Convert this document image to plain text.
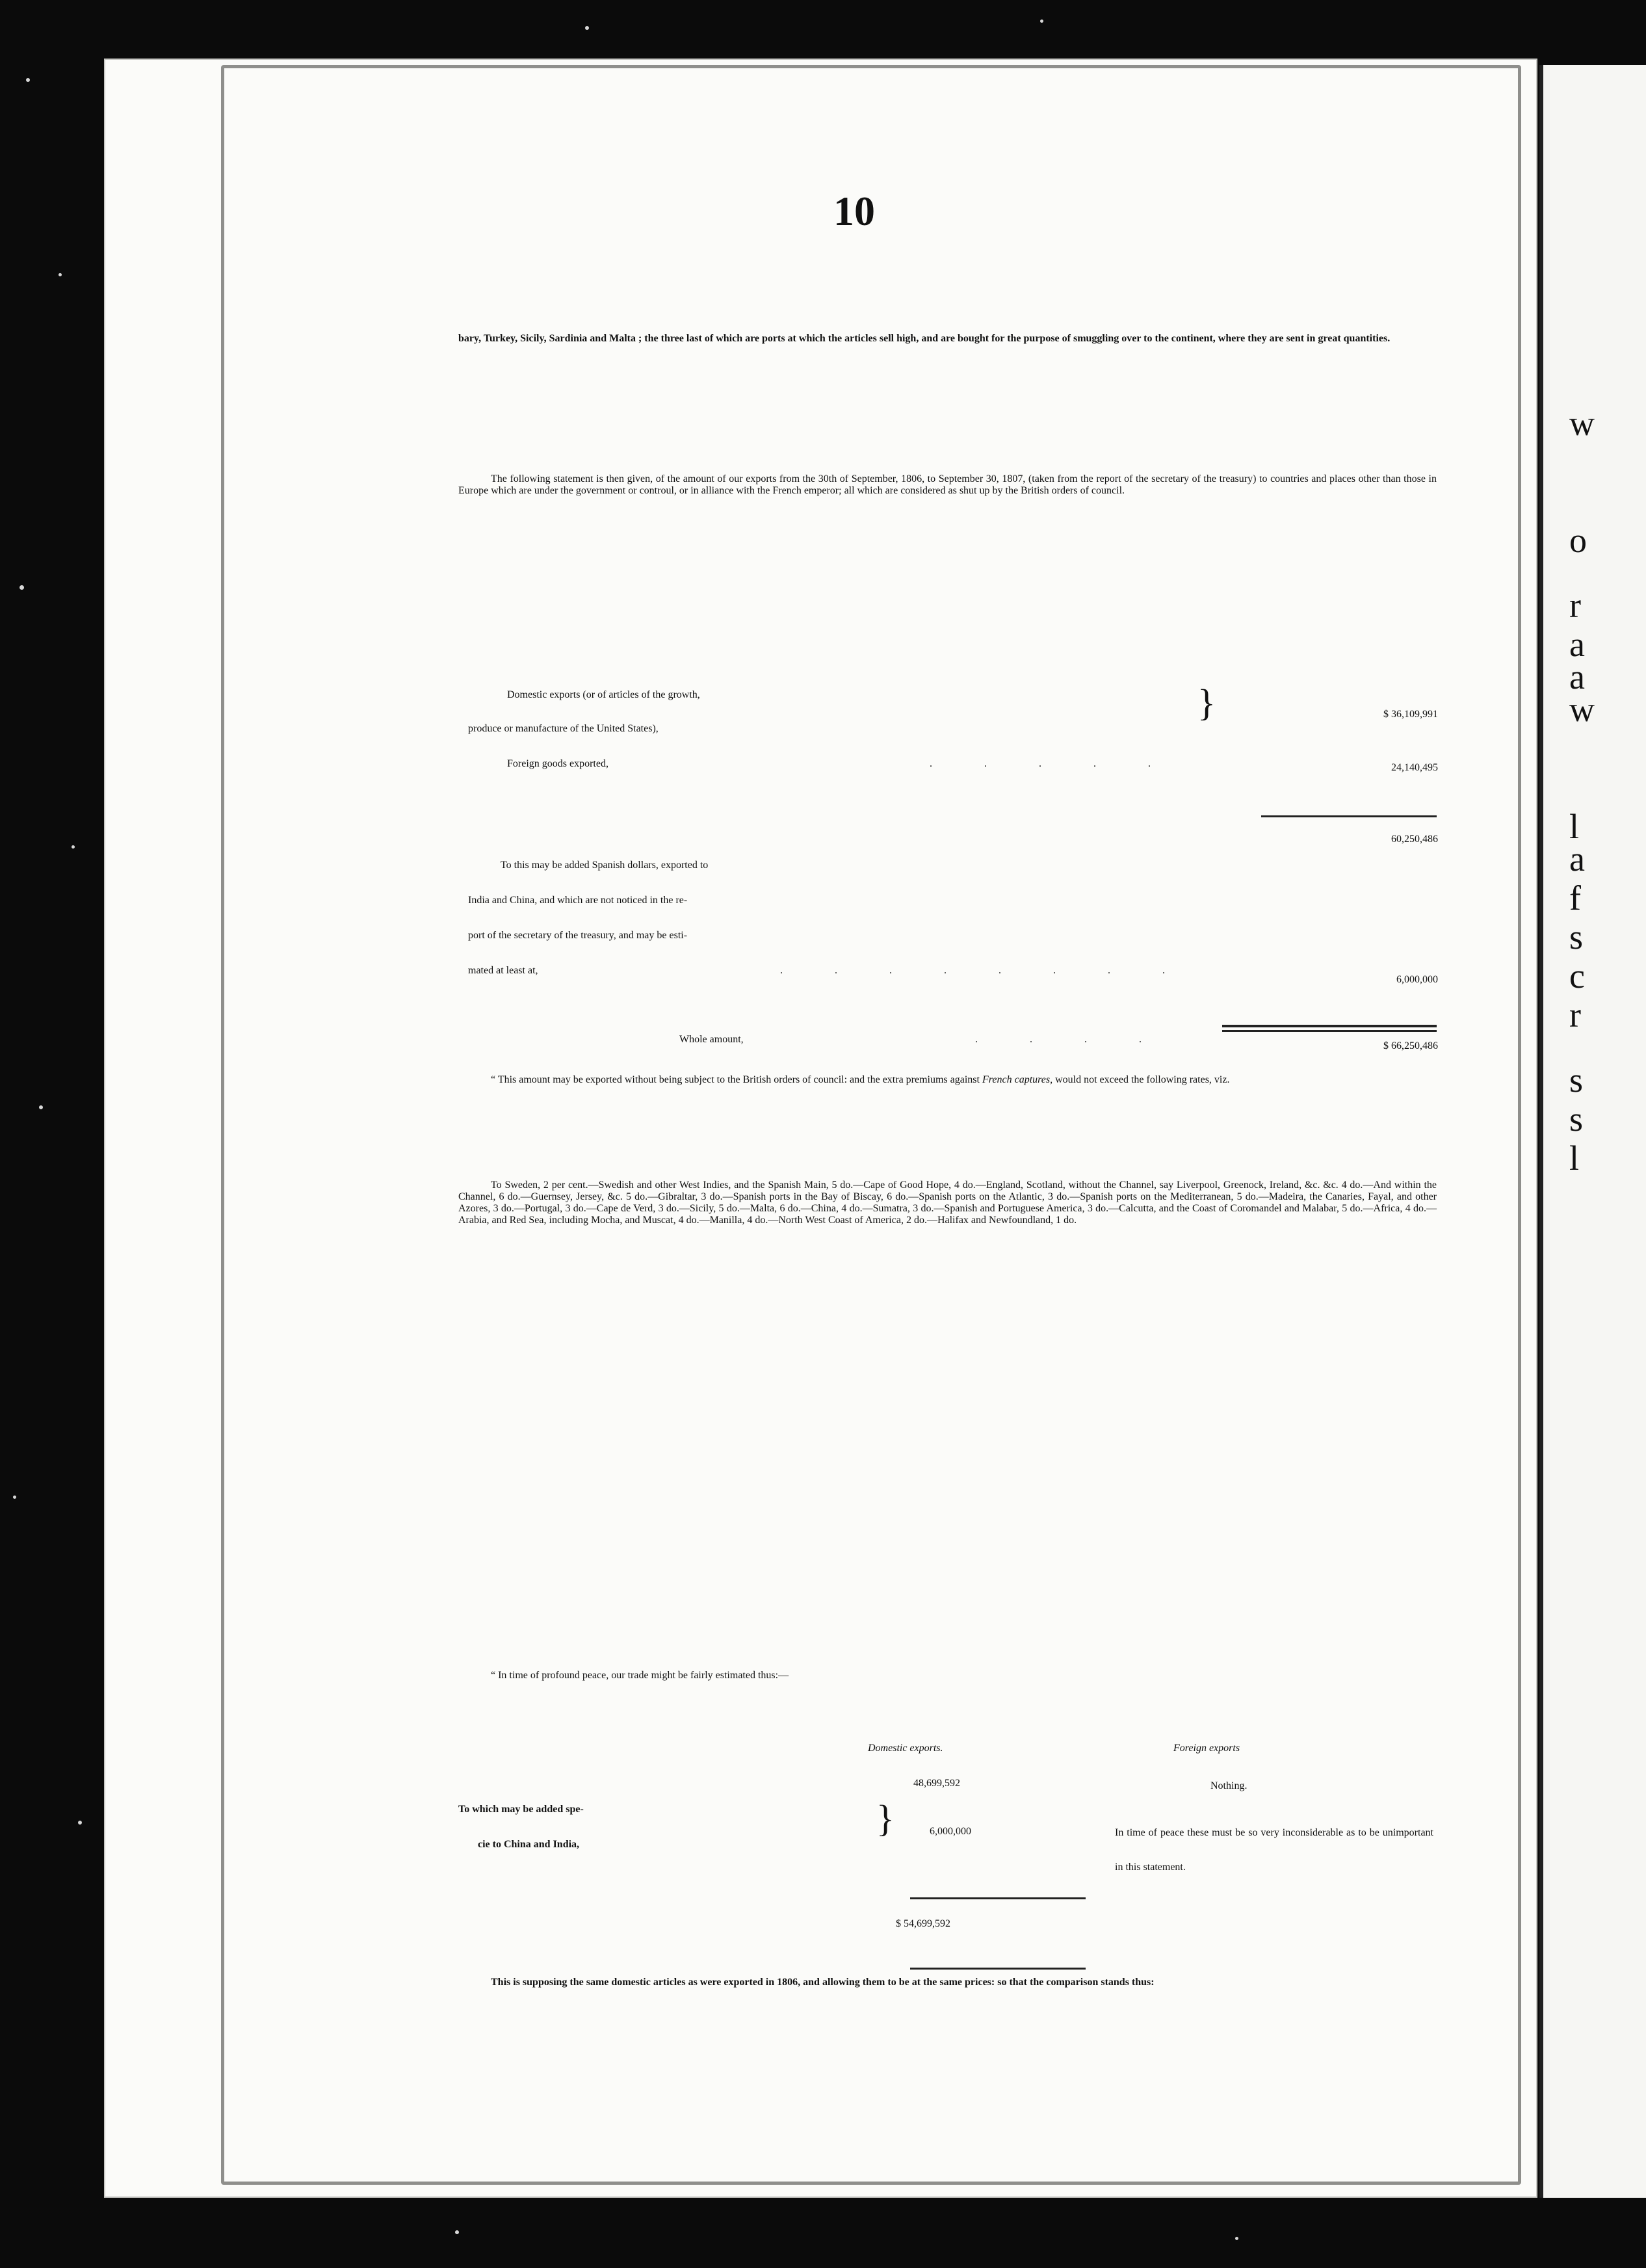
w
o
r
a
a
w
l
a
f
s
c
r
s
s
l
10

bary, Turkey, Sicily, Sardinia and Malta ; the three last of which are ports at which the articles sell high, and are bought for the purpose of smuggling over to the continent, where they are sent in great quantities.

The following statement is then given, of the amount of our exports from the 30th of September, 1806, to September 30, 1807, (taken from the report of the secretary of the treasury) to countries and places other than those in Europe which are under the government or controul, or in alliance with the French emperor; all which are considered as shut up by the British orders of council.

Domestic exports (or of articles of the growth,
produce or manufacture of the United States),
}	$ 36,109,991
Foreign goods exported,	. . . . .	24,140,495
60,250,486
To this may be added Spanish dollars, exported to
India and China, and which are not noticed in the re-
port of the secretary of the treasury, and may be esti-
mated at least at,	. . . . . . . .
6,000,000
Whole amount,	. . . .
$ 66,250,486

“ This amount may be exported without being subject to the British orders of council: and the extra premiums against French captures, would not exceed the following rates, viz.

To Sweden, 2 per cent.—Swedish and other West Indies, and the Spanish Main, 5 do.—Cape of Good Hope, 4 do.—England, Scotland, without the Channel, say Liverpool, Greenock, Ireland, &c. &c. 4 do.—And within the Channel, 6 do.—Guernsey, Jersey, &c. 5 do.—Gibraltar, 3 do.—Spanish ports in the Bay of Biscay, 6 do.—Spanish ports on the Atlantic, 3 do.—Spanish ports on the Mediterranean, 5 do.—Madeira, the Canaries, Fayal, and other Azores, 3 do.—Portugal, 3 do.—Cape de Verd, 3 do.—Sicily, 5 do.—Malta, 6 do.—China, 4 do.—Sumatra, 3 do.—Spanish and Portuguese America, 3 do.—Calcutta, and the Coast of Coromandel and Malabar, 5 do.—Africa, 4 do.—Arabia, and Red Sea, including Mocha, and Muscat, 4 do.—Manilla, 4 do.—North West Coast of America, 2 do.—Halifax and Newfoundland, 1 do.

“ In time of profound peace, our trade might be fairly estimated thus:—

Domestic exports.	Foreign exports
48,699,592	Nothing.
To which may be added spe-
cie to China and India,
}	6,000,000	In time of peace these must be so very inconsiderable as to be unimportant in this statement.
$ 54,699,592

This is supposing the same domestic articles as were exported in 1806, and allowing them to be at the same prices: so that the comparison stands thus:
